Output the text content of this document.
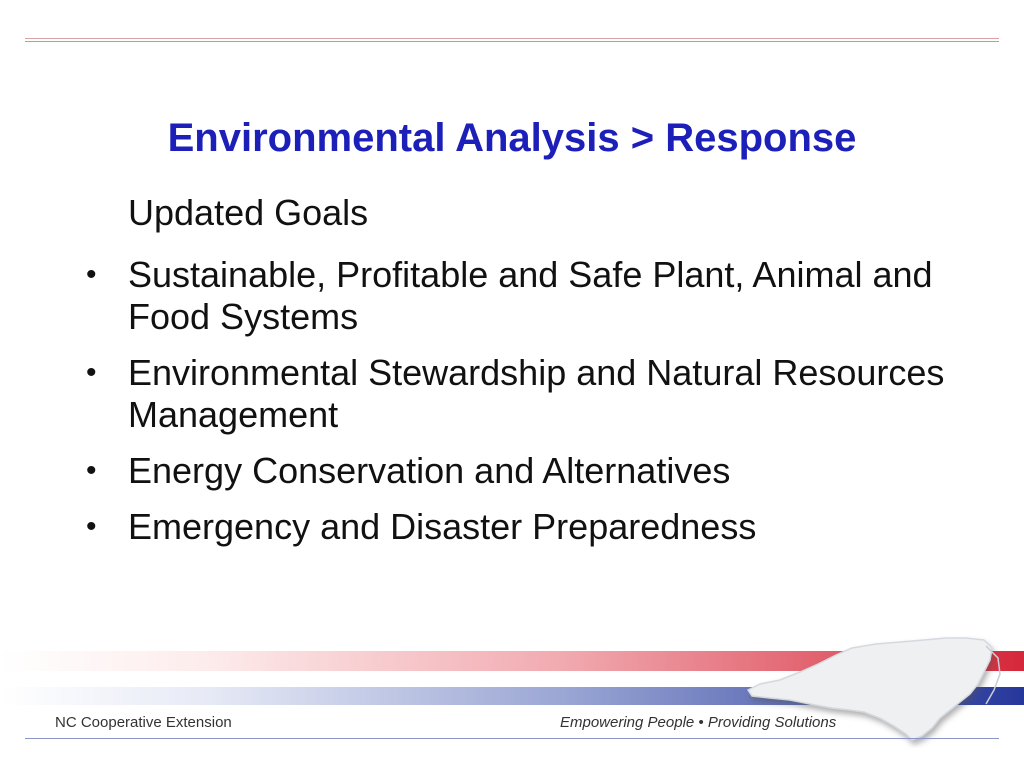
Environmental Analysis > Response
Updated Goals
• Sustainable, Profitable and Safe Plant, Animal and Food Systems
• Environmental Stewardship and Natural Resources Management
• Energy Conservation and Alternatives
• Emergency and Disaster Preparedness
NC Cooperative Extension	Empowering People • Providing Solutions
